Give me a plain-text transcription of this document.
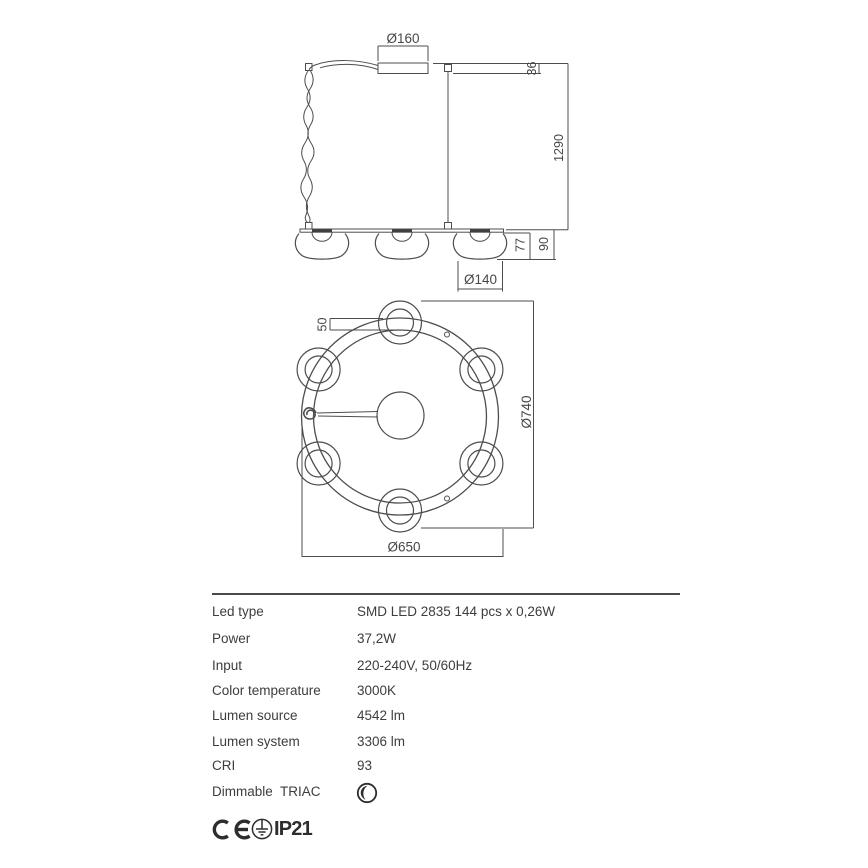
Ø160
36
1290
77 90
Ø140
50
Ø740
Ø650
Led type	SMD LED 2835 144 pcs x 0,26W
Power	37,2W
Input	220-240V, 50/60Hz
Color temperature	3000K
Lumen source	4542 lm
Lumen system	3306 lm
CRI	93
Dimmable  TRIAC
IP21
